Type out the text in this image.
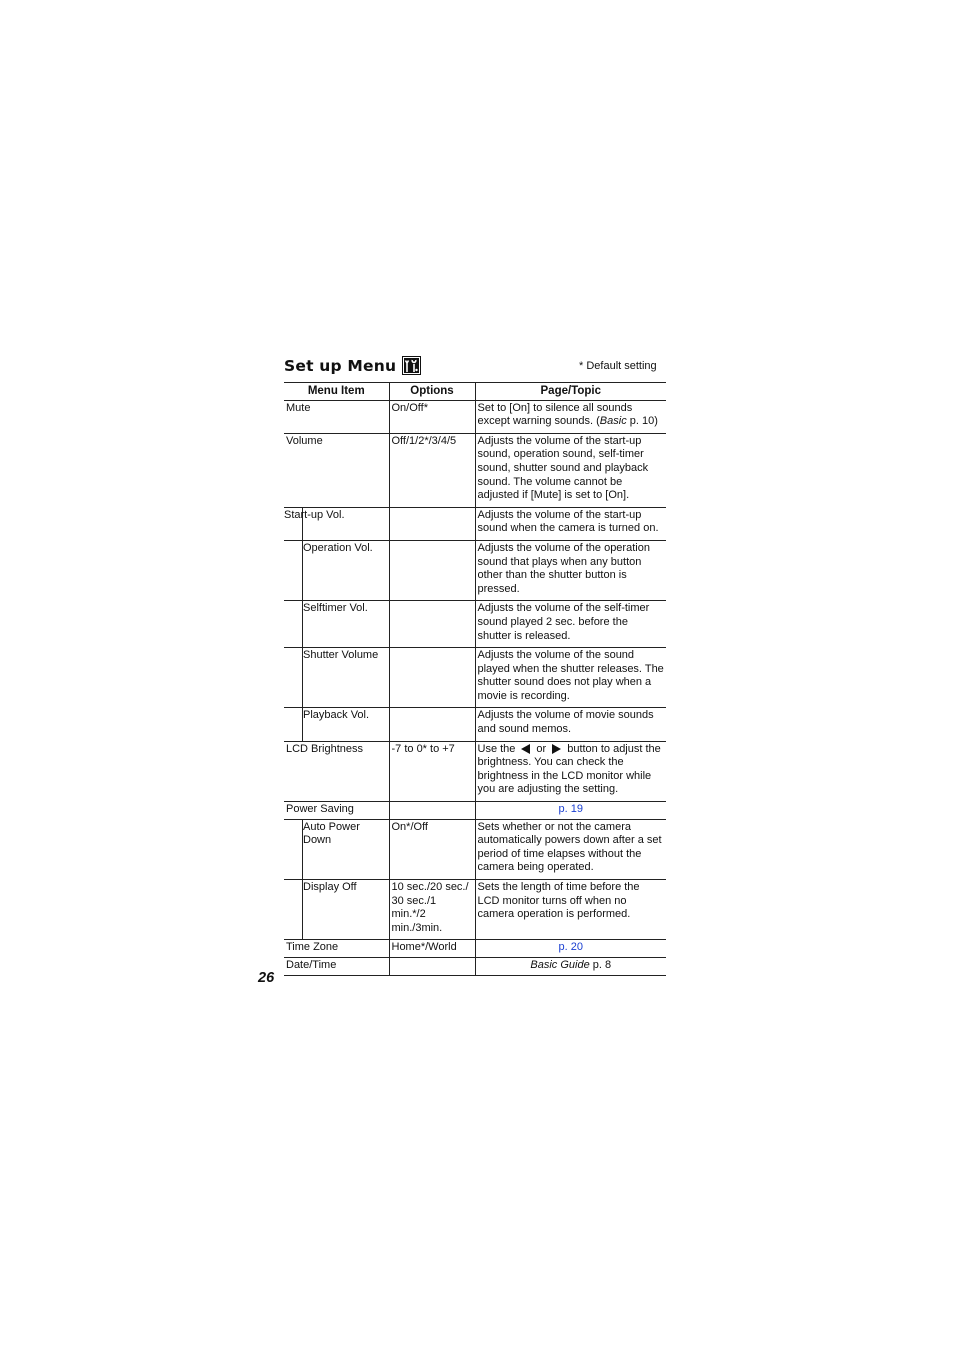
Set up Menu	* Default setting
Menu Item	Options	Page/Topic
Mute	On/Off*	Set to [On] to silence all sounds except warning sounds. (Basic p. 10)
Volume	Off/1/2*/3/4/5	Adjusts the volume of the start-up sound, operation sound, self-timer sound, shutter sound and playback sound. The volume cannot be adjusted if [Mute] is set to [On].
Start-up Vol.		Adjusts the volume of the start-up sound when the camera is turned on.
Operation Vol.		Adjusts the volume of the operation sound that plays when any button other than the shutter button is pressed.
Selftimer Vol.		Adjusts the volume of the self-timer sound played 2 sec. before the shutter is released.
Shutter Volume		Adjusts the volume of the sound played when the shutter releases. The shutter sound does not play when a movie is recording.
Playback Vol.		Adjusts the volume of movie sounds and sound memos.
LCD Brightness	-7 to 0* to +7	Use the or button to adjust the brightness. You can check the brightness in the LCD monitor while you are adjusting the setting.
Power Saving		p. 19

Auto Power Down	On*/Off	Sets whether or not the camera automatically powers down after a set period of time elapses without the camera being operated.
Display Off	10 sec./20 sec./ 30 sec./1 min.*/2 min./3min.	Sets the length of time before the LCD monitor turns off when no camera operation is performed.
Time Zone	Home*/World	p. 20

Date/Time		Basic Guide p. 8
26
